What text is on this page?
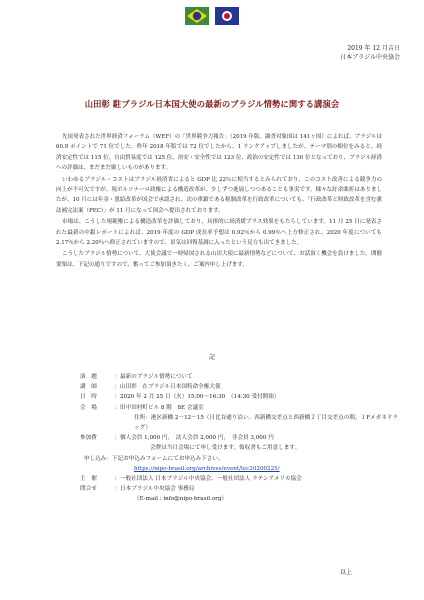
2019 年 12 月吉日
日本ブラジル中央協会
山田彰 駐ブラジル日本国大使の最新のブラジル情勢に関する講演会

先頃発表された世界経済フォーラム（WEF）の「世界競争力報告」（2019 年版、調査対象国は 141ヶ国）によれば、ブラジルは 60.9 ポイントで 71 位でした。昨年 2018 年版では 72 位でしたから、1 ランクアップしましたが、テーマ別の順位をみると、経済安定性では 115 位、自由貿易度では 125 位、治安・安全性では 123 位、政治の安定性では 130 位となっており、ブラジル経済への評価は、まだまだ厳しいものがあります。

いわゆるブラジル・コストはブラジル経済省によると GDP 比 22％に相当するとみられており、このコスト改善による競争力の向上が不可欠ですが、現ボルソナーロ政権による構造改革が、少しずつ進展しつつあることも事実です。様々な紆余曲折はありましたが、10 月には年金・恩給改革が国会で承認され、次の重鎮である税制改革を行政改革についても、「行政改革と財政改革を含む憲法補完法案（PEC）」が 11 月になって国会へ提出されております。

市場は、こうした規範権による構造改革を評価しており、具体的に経済緩プラス効果をもたらしています。11 月 25 日に発表された最新の中銀レポートによれば、2019 年度の GDP 成長率予想は 0.92％から 0.99％へ上方修正され、2020 年度についても 2.17％から 2.20％へ修正されていますので、景気は回復基調に入ったという見方も出てきました。

こうしたブラジル情勢について、大使会議で一時帰国される山田大使に最新情勢などについて、お話頂く機会を設けました。開催要領は、下記の通りですので、奮ってご参加頂きたく、ご案内申し上げます。

記
演　題	： 最新のブラジル情勢について
講　師	： 山田彰　在ブラジル日本国特命全権大使
日　時	： 2020 年 2 月 25 日（火）15:00～16:30　（14:30 受付開始）
会　場	： 田中田村町ビル 8 階　8E 会議室
住所：港区新橋 2－12－15（日比谷通り沿い。西新橋交差点と西新橋２丁目交差点の間。１Fメガネドラッグ）
参加費	： 個人会員 1,000 円、　法人会員 2,000 円、　非会員 3,000 円
会費は当日会場にて申し受けます。領収書もご用意します。
申し込み：下記お申込みフォームにてお申込み下さい。
https://nipo-brasil.org/archives/event/lec20200225/
主　催	： 一般社団法人 日本ブラジル中央協会、一般社団法人 ラテンアメリカ協会
問合せ	： 日本ブラジル中央協会 事務局
（E-mail : info@nipo-brasil.org）
以上
